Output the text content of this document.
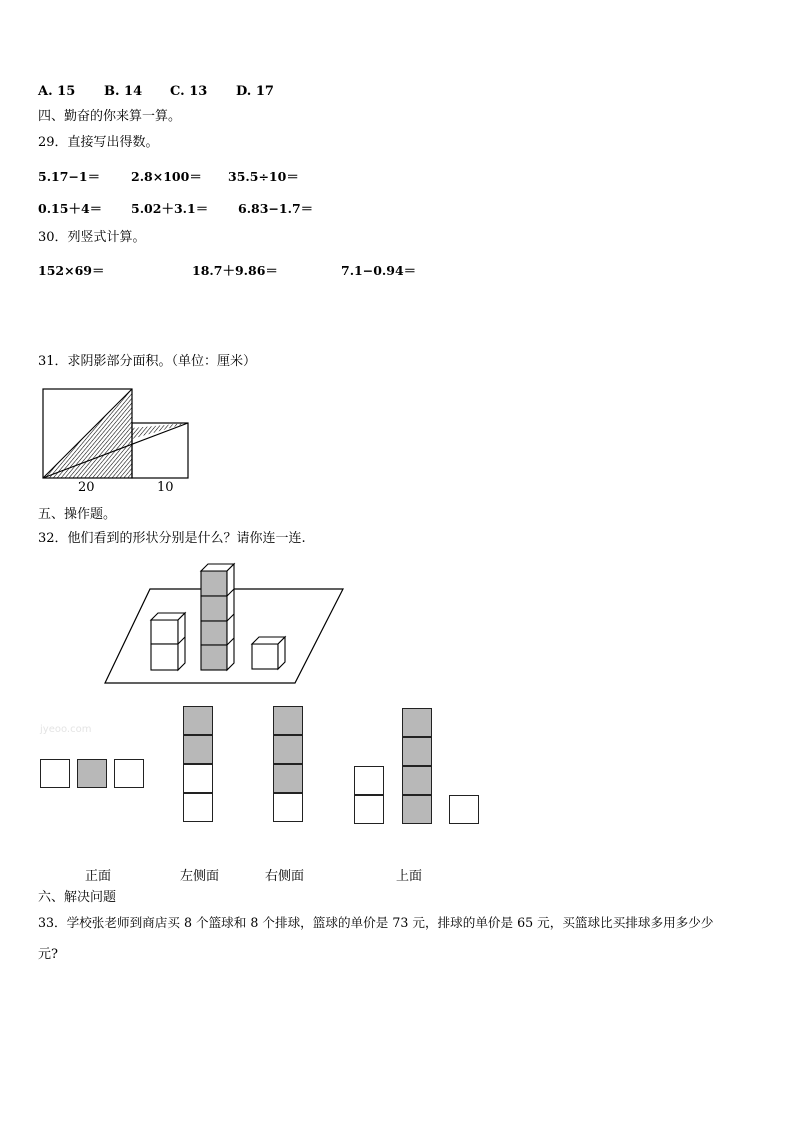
A. 15 B. 14 C. 13 D. 17
四、勤奋的你来算一算。
29．直接写出得数。
5.17−1＝ 2.8×100＝ 35.5÷10＝
0.15＋4＝ 5.02＋3.1＝ 6.83−1.7＝
30．列竖式计算。
152×69＝	18.7＋9.86＝	7.1−0.94＝
31．求阴影部分面积。（单位：厘米）
20	10
五、操作题。
32．他们看到的形状分别是什么？请你连一连.
jyeoo.com
正面	左侧面	右侧面	上面
六、解决问题
33．学校张老师到商店买 8 个篮球和 8 个排球，篮球的单价是 73 元，排球的单价是 65 元，买篮球比买排球多用多少少
元?
